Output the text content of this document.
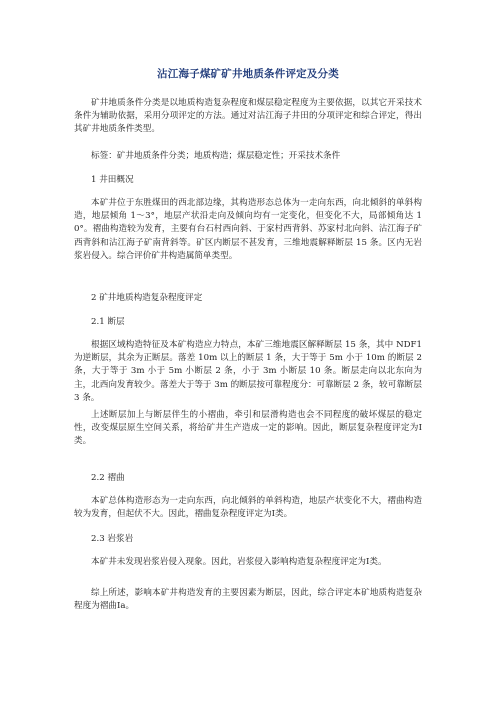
沾江海子煤矿矿井地质条件评定及分类

矿井地质条件分类是以地质构造复杂程度和煤层稳定程度为主要依据，以其它开采技术条件为辅助依据，采用分项评定的方法。通过对沾江海子井田的分项评定和综合评定，得出其矿井地质条件类型。

标签：矿井地质条件分类；地质构造；煤层稳定性；开采技术条件

1 井田概况

本矿井位于东胜煤田的西北部边缘，其构造形态总体为一走向东西，向北倾斜的单斜构造，地层倾角 1～3°，地层产状沿走向及倾向均有一定变化，但变化不大，局部倾角达 10°。褶曲构造较为发育，主要有台石村西向斜、于家村西背斜、苏家村北向斜、沾江海子矿西背斜和沾江海子矿南背斜等。矿区内断层不甚发育，三维地震解释断层 15 条。区内无岩浆岩侵入。综合评价矿井构造属简单类型。

2 矿井地质构造复杂程度评定

2.1 断层

根据区域构造特征及本矿构造应力特点，本矿三维地震区解释断层 15 条，其中 NDF1 为逆断层，其余为正断层。落差 10m 以上的断层 1 条，大于等于 5m 小于 10m 的断层 2 条，大于等于 3m 小于 5m 小断层 2 条，小于 3m 小断层 10 条。断层走向以北东向为主，北西向发育较少。落差大于等于 3m 的断层按可靠程度分：可靠断层 2 条，较可靠断层 3 条。

上述断层加上与断层伴生的小褶曲，牵引和层滑构造也会不同程度的破坏煤层的稳定性，改变煤层原生空间关系，将给矿井生产造成一定的影响。因此，断层复杂程度评定为Ⅰ类。

2.2 褶曲

本矿总体构造形态为一走向东西，向北倾斜的单斜构造，地层产状变化不大，褶曲构造较为发育，但起伏不大。因此，褶曲复杂程度评定为Ⅰ类。

2.3 岩浆岩

本矿井未发现岩浆岩侵入现象。因此，岩浆侵入影响构造复杂程度评定为Ⅰ类。

综上所述，影响本矿井构造发育的主要因素为断层，因此，综合评定本矿地质构造复杂程度为褶曲Ⅰa。
